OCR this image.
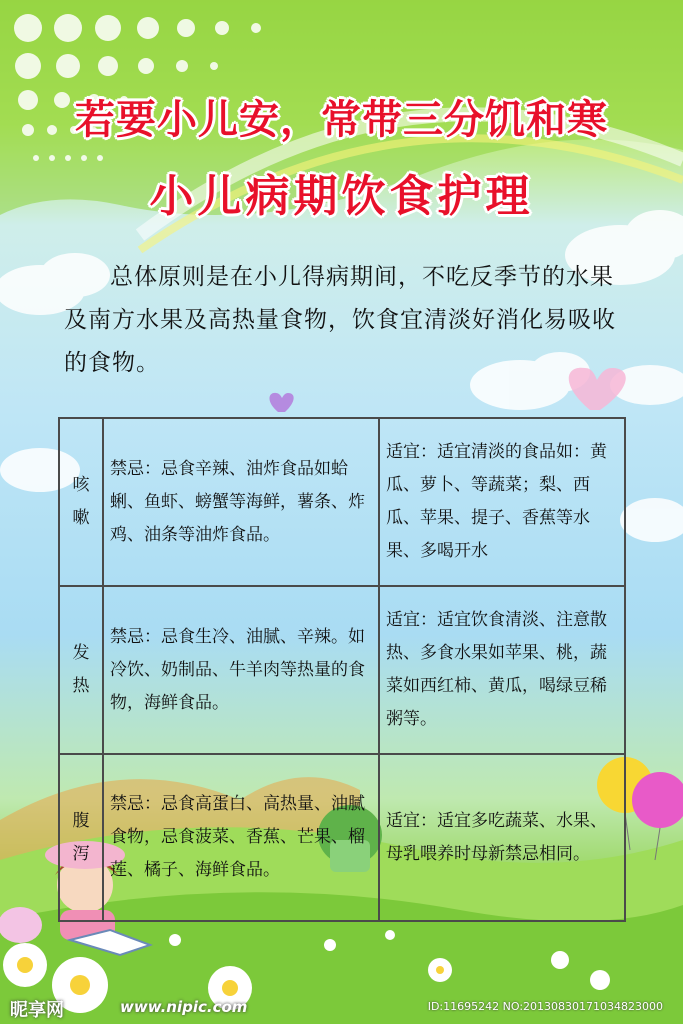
若要小儿安，常带三分饥和寒
小儿病期饮食护理
总体原则是在小儿得病期间，不吃反季节的水果及南方水果及高热量食物，饮食宜清淡好消化易吸收的食物。
咳嗽	禁忌：忌食辛辣、油炸食品如蛤蜊、鱼虾、螃蟹等海鲜，薯条、炸鸡、油条等油炸食品。	适宜：适宜清淡的食品如：黄瓜、萝卜、等蔬菜；梨、西瓜、苹果、提子、香蕉等水果、多喝开水
发热	禁忌：忌食生冷、油腻、辛辣。如冷饮、奶制品、牛羊肉等热量的食物，海鲜食品。	适宜：适宜饮食清淡、注意散热、多食水果如苹果、桃，蔬菜如西红柿、黄瓜，喝绿豆稀粥等。
腹泻	禁忌：忌食高蛋白、高热量、油腻食物，忌食菠菜、香蕉、芒果、榴莲、橘子、海鲜食品。	适宜：适宜多吃蔬菜、水果、母乳喂养时母新禁忌相同。
昵享网	www.nipic.com	ID:11695242 NO:20130830171034823000
